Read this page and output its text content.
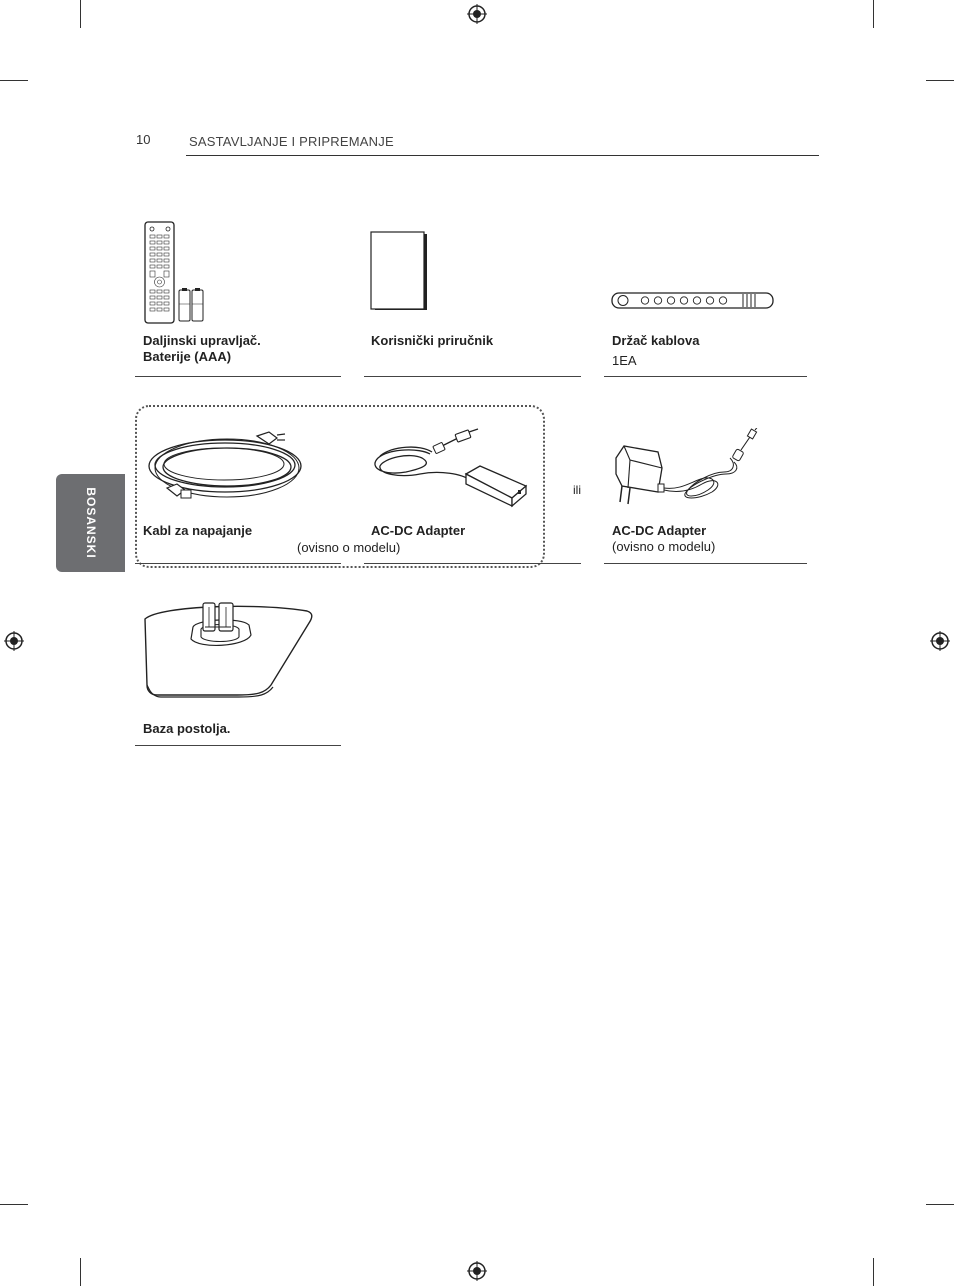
10	SASTAVLJANJE I PRIPREMANJE
BOSANSKI
Daljinski upravljač.
Baterije (AAA)
Korisnički priručnik	Držač kablova
1EA
Kabl za napajanje	AC-DC Adapter
(ovisno o modelu)
ili
AC-DC Adapter
(ovisno o modelu)
Baza postolja.
